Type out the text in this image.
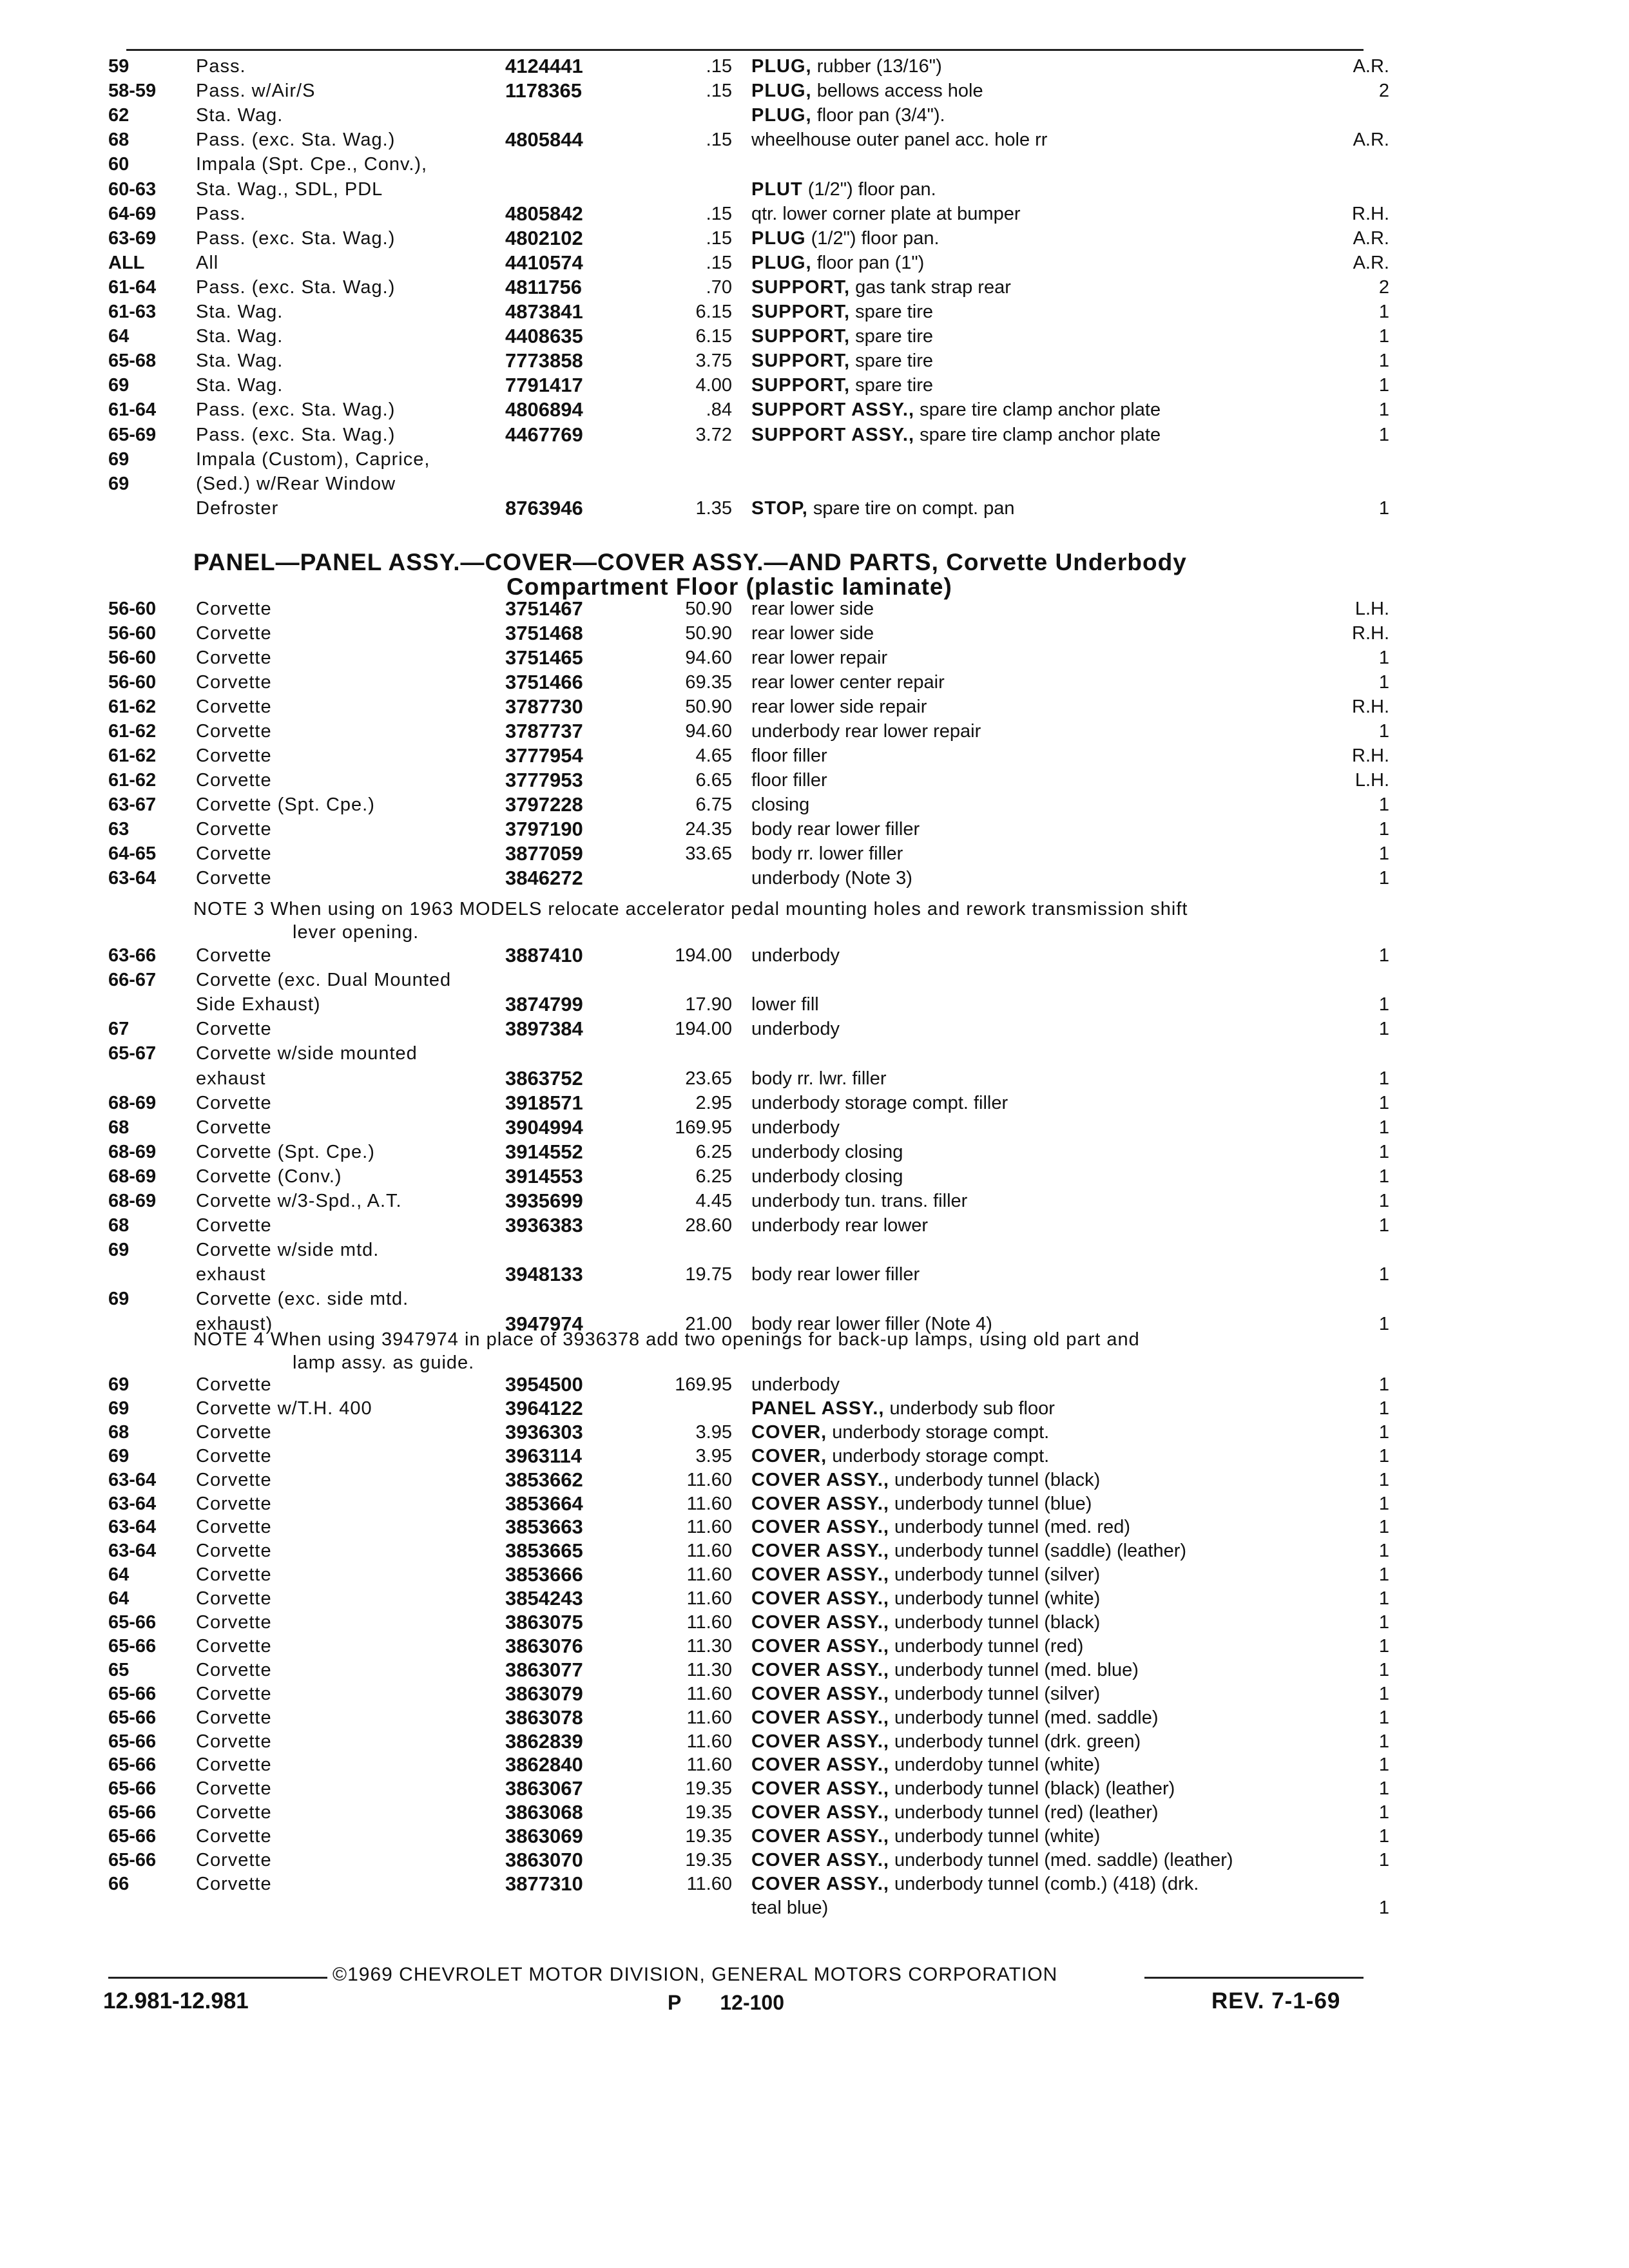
PANEL—PANEL ASSY.—COVER—COVER ASSY.—AND PARTS, Corvette Underbody
Compartment Floor (plastic laminate)
NOTE 3 When using on 1963 MODELS relocate accelerator pedal mounting holes and rework transmission shift
lever opening.
NOTE 4 When using 3947974 in place of 3936378 add two openings for back-up lamps, using old part and
lamp assy. as guide.
59	Pass.	4124441	.15 PLUG, rubber (13/16")	A.R.
58-59	Pass. w/Air/S	1178365	.15 PLUG, bellows access hole	2
62	Sta. Wag.	PLUG, floor pan (3/4").
68	Pass. (exc. Sta. Wag.)	4805844	.15 wheelhouse outer panel acc. hole rr	A.R.
60	Impala (Spt. Cpe., Conv.),
60-63	Sta. Wag., SDL, PDL	PLUT (1/2") floor pan.
64-69	Pass.	4805842	.15 qtr. lower corner plate at bumper	R.H.
63-69	Pass. (exc. Sta. Wag.)	4802102	.15 PLUG (1/2") floor pan.	A.R.
ALL	All	4410574	.15 PLUG, floor pan (1")	A.R.
61-64	Pass. (exc. Sta. Wag.)	4811756	.70 SUPPORT, gas tank strap rear	2
61-63	Sta. Wag.	4873841	6.15 SUPPORT, spare tire	1
64	Sta. Wag.	4408635	6.15 SUPPORT, spare tire	1
65-68	Sta. Wag.	7773858	3.75 SUPPORT, spare tire	1
69	Sta. Wag.	7791417	4.00 SUPPORT, spare tire	1
61-64	Pass. (exc. Sta. Wag.)	4806894	.84 SUPPORT ASSY., spare tire clamp anchor plate	1
65-69	Pass. (exc. Sta. Wag.)	4467769	3.72 SUPPORT ASSY., spare tire clamp anchor plate	1
69	Impala (Custom), Caprice,
69	(Sed.) w/Rear Window
Defroster	8763946	1.35 STOP, spare tire on compt. pan	1
56-60	Corvette	3751467	50.90 rear lower side	L.H.
56-60	Corvette	3751468	50.90 rear lower side	R.H.
56-60	Corvette	3751465	94.60 rear lower repair	1
56-60	Corvette	3751466	69.35 rear lower center repair	1
61-62	Corvette	3787730	50.90 rear lower side repair	R.H.
61-62	Corvette	3787737	94.60 underbody rear lower repair	1
61-62	Corvette	3777954	4.65 floor filler	R.H.
61-62	Corvette	3777953	6.65 floor filler	L.H.
63-67	Corvette (Spt. Cpe.)	3797228	6.75 closing	1
63	Corvette	3797190	24.35 body rear lower filler	1
64-65	Corvette	3877059	33.65 body rr. lower filler	1
63-64	Corvette	3846272	underbody (Note 3)	1
63-66	Corvette	3887410	194.00 underbody	1
66-67	Corvette (exc. Dual Mounted
Side Exhaust)	3874799	17.90 lower fill	1
67	Corvette	3897384	194.00 underbody	1
65-67	Corvette w/side mounted
exhaust	3863752	23.65 body rr. lwr. filler	1
68-69	Corvette	3918571	2.95 underbody storage compt. filler	1
68	Corvette	3904994	169.95 underbody	1
68-69	Corvette (Spt. Cpe.)	3914552	6.25 underbody closing	1
68-69	Corvette (Conv.)	3914553	6.25 underbody closing	1
68-69	Corvette w/3-Spd., A.T.	3935699	4.45 underbody tun. trans. filler	1
68	Corvette	3936383	28.60 underbody rear lower	1
69	Corvette w/side mtd.
exhaust	3948133	19.75 body rear lower filler	1
69	Corvette (exc. side mtd.
exhaust)	3947974	21.00 body rear lower filler (Note 4)	1
69	Corvette	3954500	169.95 underbody	1
69	Corvette w/T.H. 400	3964122	PANEL ASSY., underbody sub floor	1
68	Corvette	3936303	3.95 COVER, underbody storage compt.	1
69	Corvette	3963114	3.95 COVER, underbody storage compt.	1
63-64	Corvette	3853662	11.60 COVER ASSY., underbody tunnel (black)	1
63-64	Corvette	3853664	11.60 COVER ASSY., underbody tunnel (blue)	1
63-64	Corvette	3853663	11.60 COVER ASSY., underbody tunnel (med. red)	1
63-64	Corvette	3853665	11.60 COVER ASSY., underbody tunnel (saddle) (leather)	1
64	Corvette	3853666	11.60 COVER ASSY., underbody tunnel (silver)	1
64	Corvette	3854243	11.60 COVER ASSY., underbody tunnel (white)	1
65-66	Corvette	3863075	11.60 COVER ASSY., underbody tunnel (black)	1
65-66	Corvette	3863076	11.30 COVER ASSY., underbody tunnel (red)	1
65	Corvette	3863077	11.30 COVER ASSY., underbody tunnel (med. blue)	1
65-66	Corvette	3863079	11.60 COVER ASSY., underbody tunnel (silver)	1
65-66	Corvette	3863078	11.60 COVER ASSY., underbody tunnel (med. saddle)	1
65-66	Corvette	3862839	11.60 COVER ASSY., underbody tunnel (drk. green)	1
65-66	Corvette	3862840	11.60 COVER ASSY., underdoby tunnel (white)	1
65-66	Corvette	3863067	19.35 COVER ASSY., underbody tunnel (black) (leather)	1
65-66	Corvette	3863068	19.35 COVER ASSY., underbody tunnel (red) (leather)	1
65-66	Corvette	3863069	19.35 COVER ASSY., underbody tunnel (white)	1
65-66	Corvette	3863070	19.35 COVER ASSY., underbody tunnel (med. saddle) (leather)	1
66	Corvette	3877310	11.60 COVER ASSY., underbody tunnel (comb.) (418) (drk.
teal blue)	1
©1969 CHEVROLET MOTOR DIVISION, GENERAL MOTORS CORPORATION
12.981-12.981	P 12-100	REV. 7-1-69
